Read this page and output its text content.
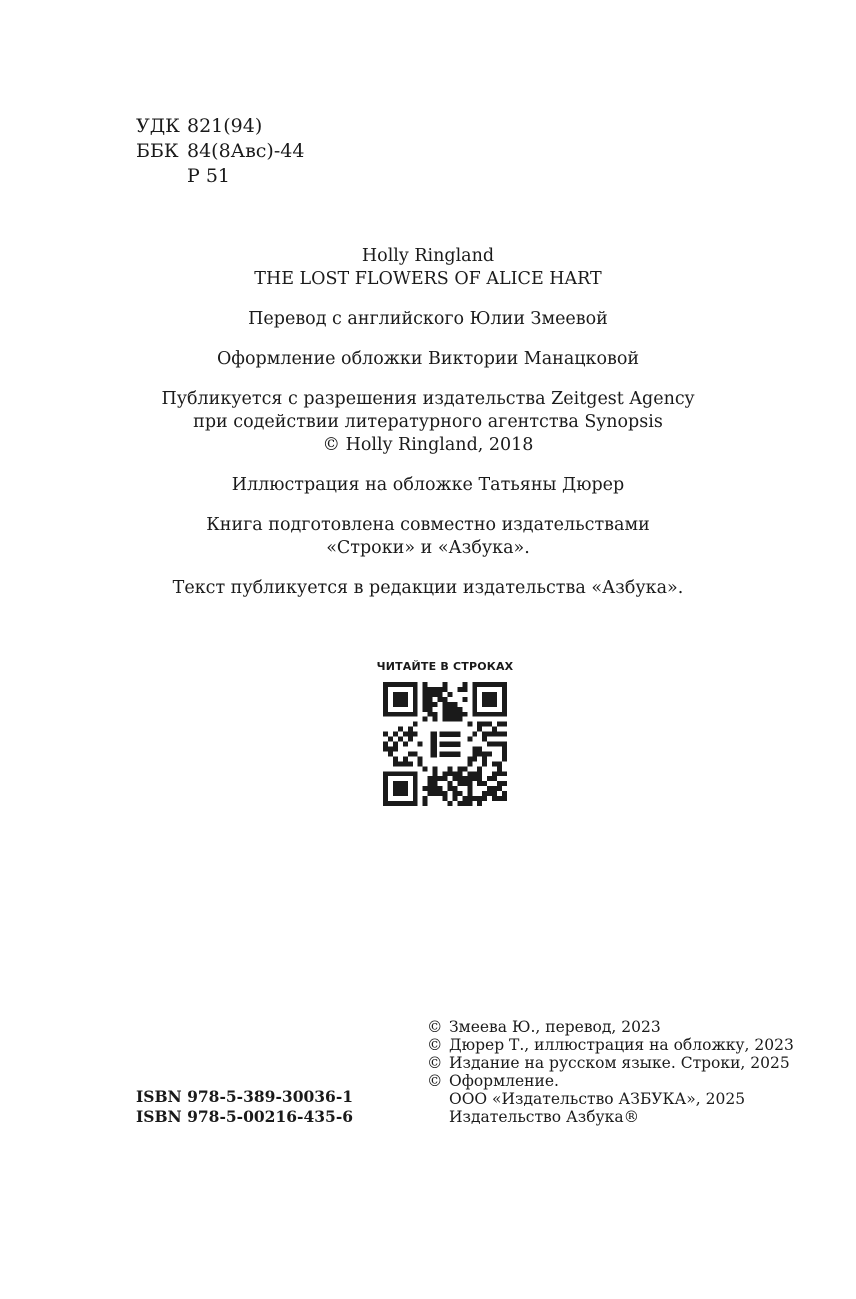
УДК 821(94)
ББК 84(8Авс)-44
Р 51
Holly Ringland
THE LOST FLOWERS OF ALICE HART
Перевод с английского Юлии Змеевой
Оформление обложки Виктории Манацковой
Публикуется с разрешения издательства Zeitgest Agency
при содействии литературного агентства Synopsis
© Holly Ringland, 2018
Иллюстрация на обложке Татьяны Дюрер
Книга подготовлена совместно издательствами
«Строки» и «Азбука».
Текст публикуется в редакции издательства «Азбука».
ЧИТАЙТЕ В СТРОКАХ
© Змеева Ю., перевод, 2023
© Дюрер Т., иллюстрация на обложку, 2023
© Издание на русском языке. Строки, 2025
© Оформление.
ООО «Издательство АЗБУКА», 2025
Издательство Азбука®
ISBN 978-5-389-30036-1
ISBN 978-5-00216-435-6
